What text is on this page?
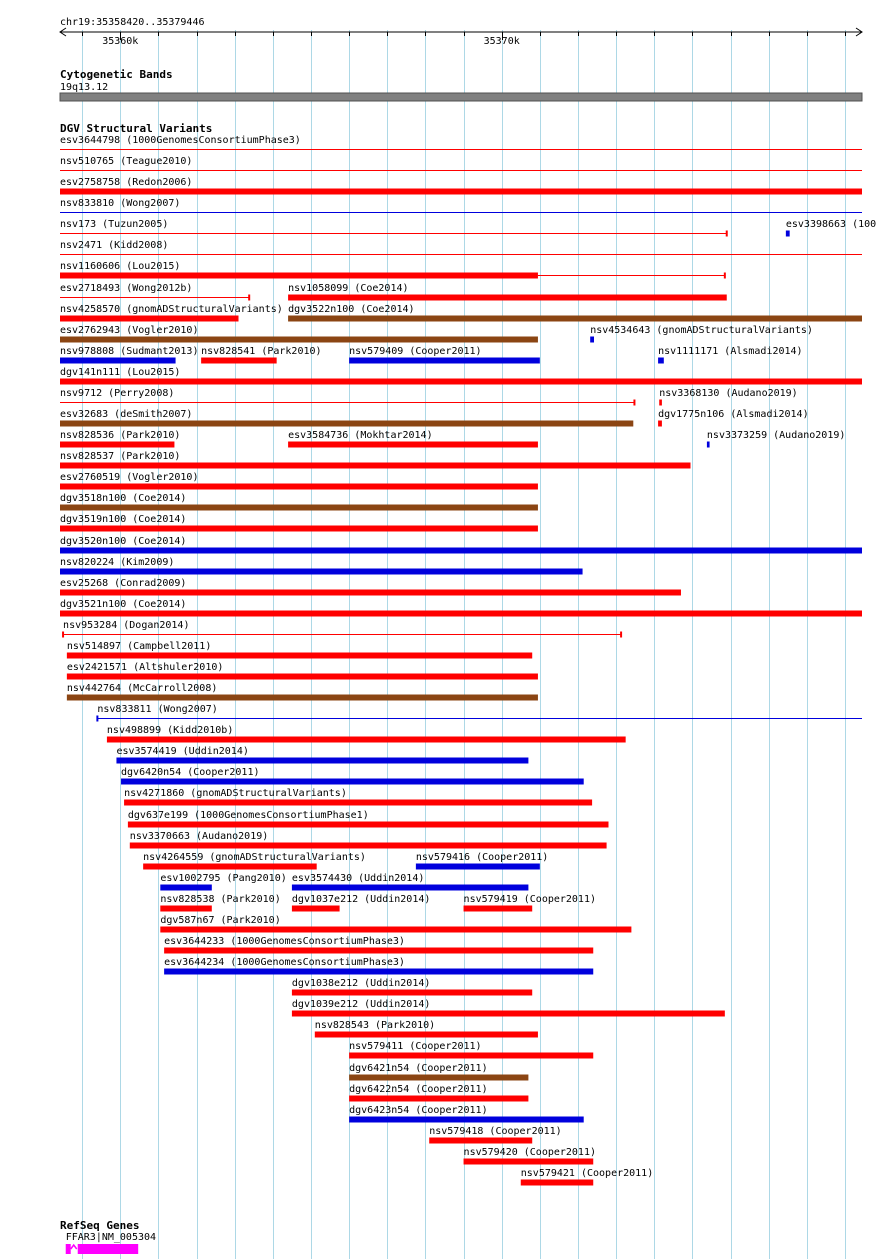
chr19:35358420..35379446
35360k	35370k
Cytogenetic Bands
19q13.12
DGV Structural Variants
esv3644798 (1000GenomesConsortiumPhase3)
nsv510765 (Teague2010)
esv2758758 (Redon2006)
nsv833810 (Wong2007)
nsv173 (Tuzun2005)	esv3398663 (100
nsv2471 (Kidd2008)
nsv1160606 (Lou2015)
esv2718493 (Wong2012b)	nsv1058099 (Coe2014)
nsv4258570 (gnomADStructuralVariants) dgv3522n100 (Coe2014)
esv2762943 (Vogler2010)	nsv4534643 (gnomADStructuralVariants)
nsv978808 (Sudmant2013) nsv828541 (Park2010)	nsv579409 (Cooper2011)	nsv1111171 (Alsmadi2014)
dgv141n111 (Lou2015)
nsv9712 (Perry2008)	nsv3368130 (Audano2019)
esv32683 (deSmith2007)	dgv1775n106 (Alsmadi2014)
nsv828536 (Park2010)	esv3584736 (Mokhtar2014)	nsv3373259 (Audano2019)
nsv828537 (Park2010)
esv2760519 (Vogler2010)
dgv3518n100 (Coe2014)
dgv3519n100 (Coe2014)
dgv3520n100 (Coe2014)
nsv820224 (Kim2009)
esv25268 (Conrad2009)
dgv3521n100 (Coe2014)
nsv953284 (Dogan2014)
nsv514897 (Campbell2011)
esv2421571 (Altshuler2010)
nsv442764 (McCarroll2008)
nsv833811 (Wong2007)
nsv498899 (Kidd2010b)
esv3574419 (Uddin2014)
dgv6420n54 (Cooper2011)
nsv4271860 (gnomADStructuralVariants)
dgv637e199 (1000GenomesConsortiumPhase1)
nsv3370663 (Audano2019)
nsv4264559 (gnomADStructuralVariants)	nsv579416 (Cooper2011)
esv1002795 (Pang2010) esv3574430 (Uddin2014)
nsv828538 (Park2010) dgv1037e212 (Uddin2014)	nsv579419 (Cooper2011)
dgv587n67 (Park2010)
esv3644233 (1000GenomesConsortiumPhase3)
esv3644234 (1000GenomesConsortiumPhase3)
dgv1038e212 (Uddin2014)
dgv1039e212 (Uddin2014)
nsv828543 (Park2010)
nsv579411 (Cooper2011)
dgv6421n54 (Cooper2011)
dgv6422n54 (Cooper2011)
dgv6423n54 (Cooper2011)
nsv579418 (Cooper2011)
nsv579420 (Cooper2011)
nsv579421 (Cooper2011)
RefSeq Genes
FFAR3|NM_005304
